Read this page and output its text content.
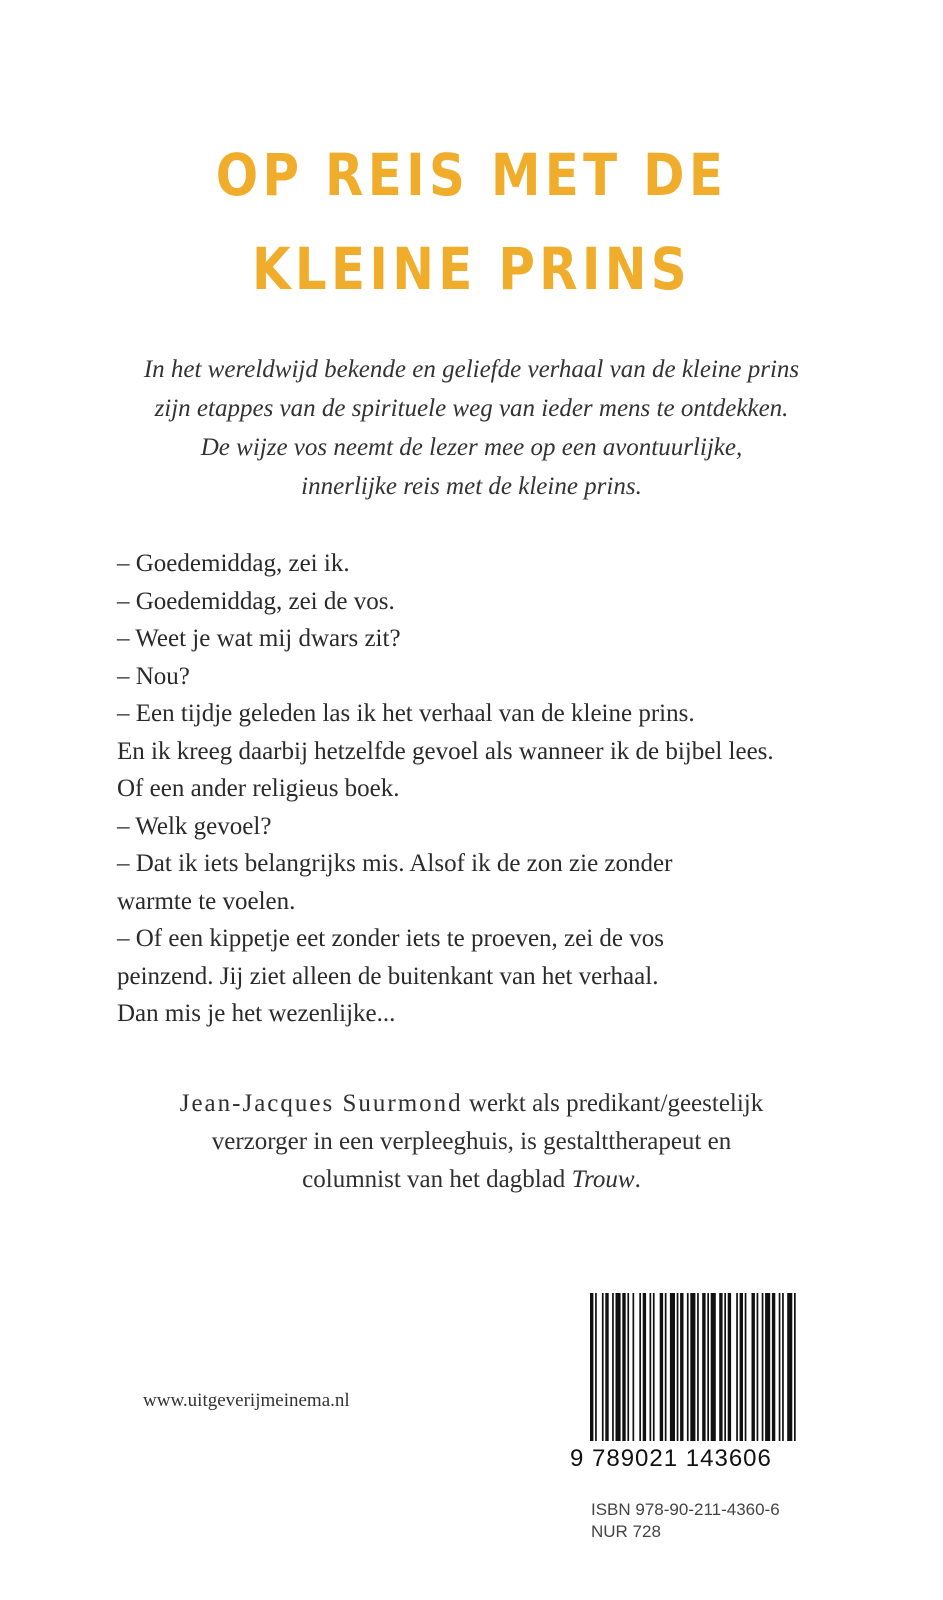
OP REIS MET DE
KLEINE PRINS
In het wereldwijd bekende en geliefde verhaal van de kleine prins
zijn etappes van de spirituele weg van ieder mens te ontdekken.
De wijze vos neemt de lezer mee op een avontuurlijke,
innerlijke reis met de kleine prins.
– Goedemiddag, zei ik.
– Goedemiddag, zei de vos.
– Weet je wat mij dwars zit?
– Nou?
– Een tijdje geleden las ik het verhaal van de kleine prins.
En ik kreeg daarbij hetzelfde gevoel als wanneer ik de bijbel lees.
Of een ander religieus boek.
– Welk gevoel?
– Dat ik iets belangrijks mis. Alsof ik de zon zie zonder
warmte te voelen.
– Of een kippetje eet zonder iets te proeven, zei de vos
peinzend. Jij ziet alleen de buitenkant van het verhaal.
Dan mis je het wezenlijke...
Jean-Jacques Suurmond werkt als predikant/geestelijk
verzorger in een verpleeghuis, is gestalttherapeut en
columnist van het dagblad Trouw.
www.uitgeverijmeinema.nl
9 789021 143606
ISBN 978-90-211-4360-6
NUR 728
